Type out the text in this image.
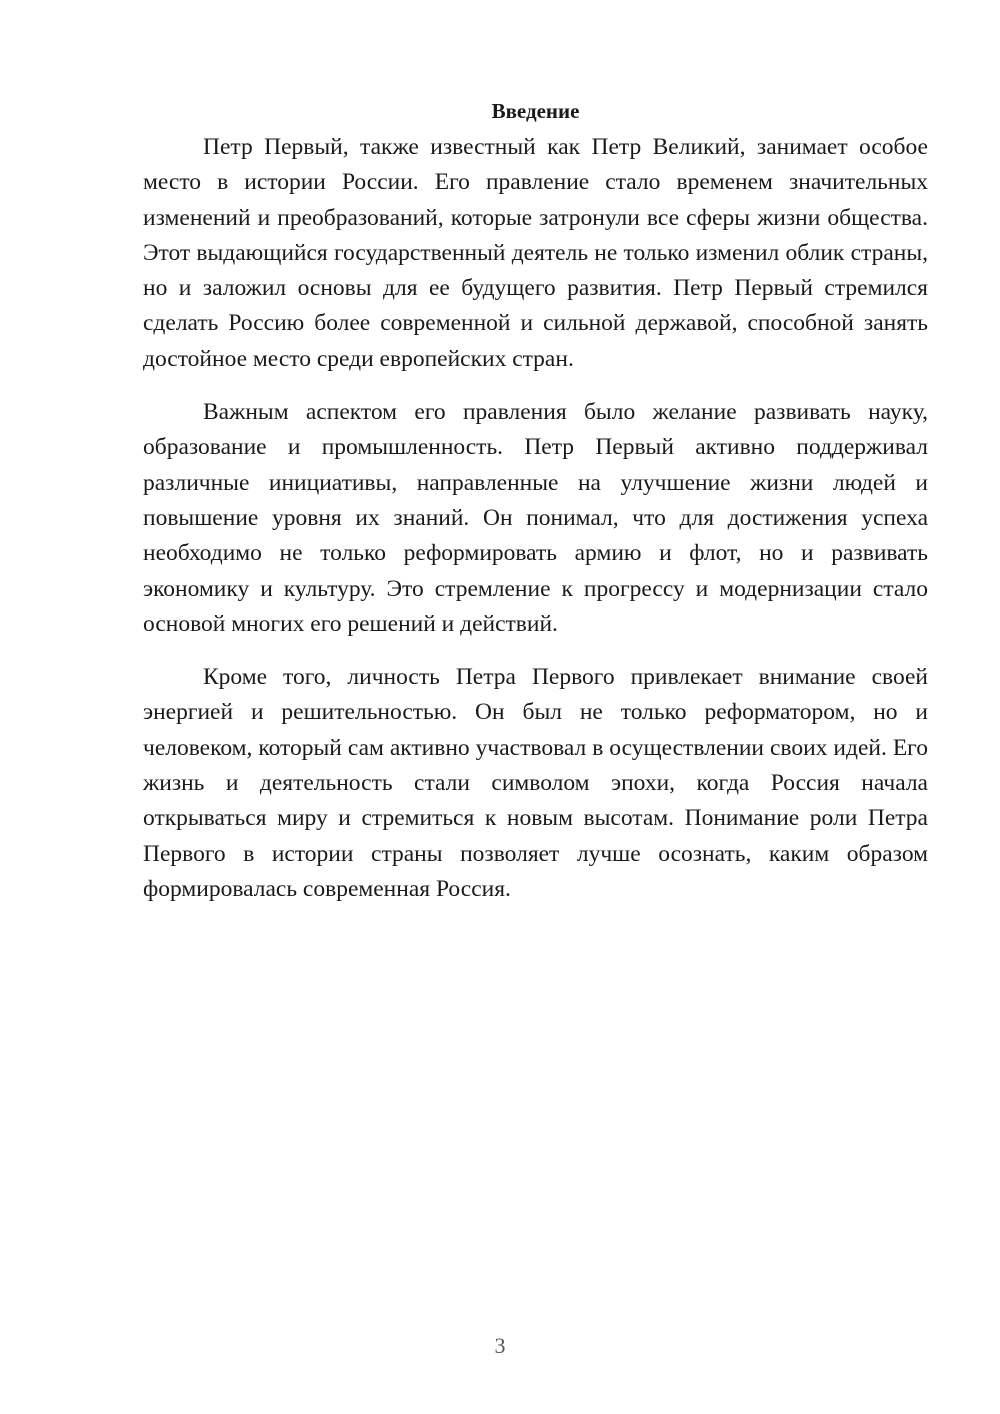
Введение

Петр Первый, также известный как Петр Великий, занимает особое место в истории России. Его правление стало временем значительных изменений и преобразований, которые затронули все сферы жизни общества. Этот выдающийся государственный деятель не только изменил облик страны, но и заложил основы для ее будущего развития. Петр Первый стремился сделать Россию более современной и сильной державой, способной занять достойное место среди европейских стран.

Важным аспектом его правления было желание развивать науку, образование и промышленность. Петр Первый активно поддерживал различные инициативы, направленные на улучшение жизни людей и повышение уровня их знаний. Он понимал, что для достижения успеха необходимо не только реформировать армию и флот, но и развивать экономику и культуру. Это стремление к прогрессу и модернизации стало основой многих его решений и действий.

Кроме того, личность Петра Первого привлекает внимание своей энергией и решительностью. Он был не только реформатором, но и человеком, который сам активно участвовал в осуществлении своих идей. Его жизнь и деятельность стали символом эпохи, когда Россия начала открываться миру и стремиться к новым высотам. Понимание роли Петра Первого в истории страны позволяет лучше осознать, каким образом формировалась современная Россия.

3
